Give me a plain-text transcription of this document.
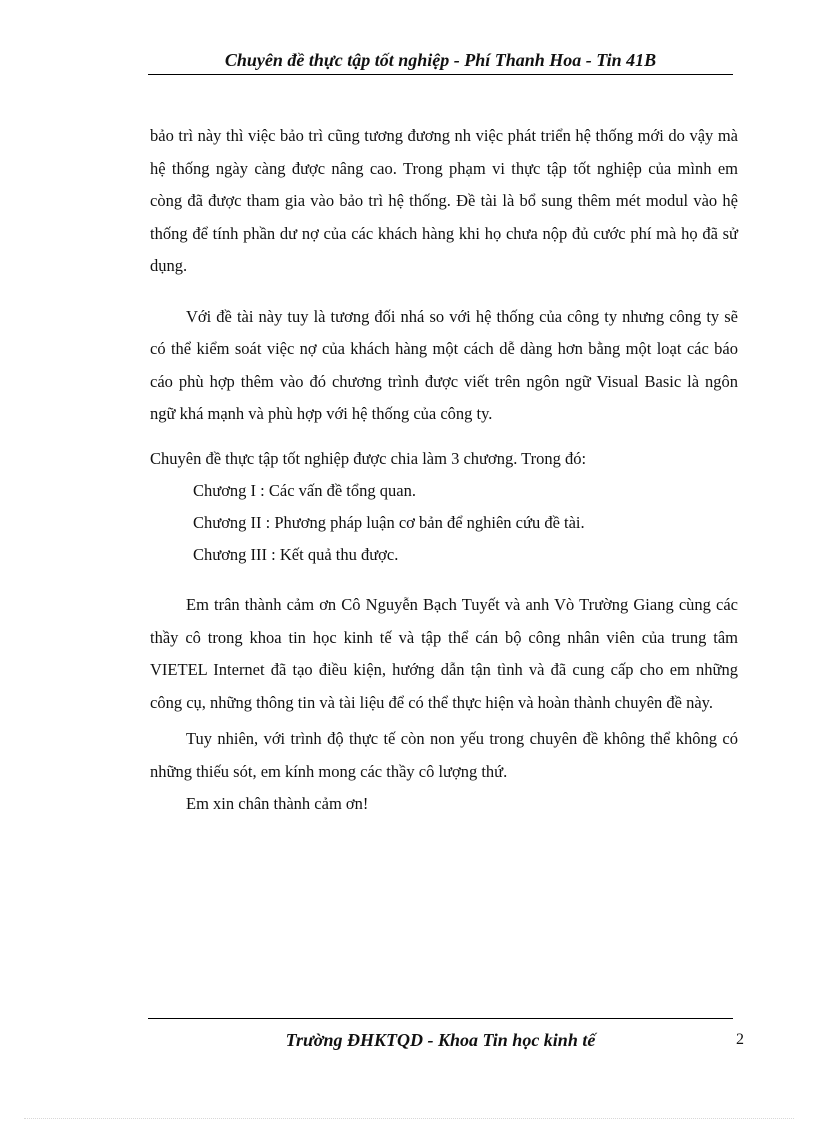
Chuyên đề thực tập tốt nghiệp - Phí Thanh Hoa - Tin 41B

bảo trì này thì việc bảo trì cũng tương đương nh việc phát triển hệ thống mới do vậy mà hệ thống ngày càng được nâng cao. Trong phạm vi thực tập tốt nghiệp của mình em còng đã được tham gia vào bảo trì hệ thống. Đề tài là bổ sung thêm mét modul vào hệ thống để tính phần dư nợ của các khách hàng khi họ chưa nộp đủ cước phí mà họ đã sử dụng.

Với đề tài này tuy là tương đối nhá so với hệ thống của công ty nhưng công ty sẽ có thể kiểm soát việc nợ của khách hàng một cách dễ dàng hơn bằng một loạt các báo cáo phù hợp thêm vào đó chương trình được viết trên ngôn ngữ Visual Basic là ngôn ngữ khá mạnh và phù hợp với hệ thống của công ty.

Chuyên đề thực tập tốt nghiệp được chia làm 3 chương. Trong đó:

Chương I : Các vấn đề tổng quan.

Chương II : Phương pháp luận cơ bản để nghiên cứu đề tài.

Chương III : Kết quả thu được.

Em trân thành cảm ơn Cô Nguyễn Bạch Tuyết và anh Vò Trường Giang cùng các thầy cô trong khoa tin học kinh tế và tập thể cán bộ công nhân viên của trung tâm VIETEL Internet đã tạo điều kiện, hướng dẫn tận tình và đã cung cấp cho em những công cụ, những thông tin và tài liệu để có thể thực hiện và hoàn thành chuyên đề này.

Tuy nhiên, với trình độ thực tế còn non yếu trong chuyên đề không thể không có những thiếu sót, em kính mong các thầy cô lượng thứ.

Em xin chân thành cảm ơn!

Trường ĐHKTQD - Khoa Tin học kinh tế	2
